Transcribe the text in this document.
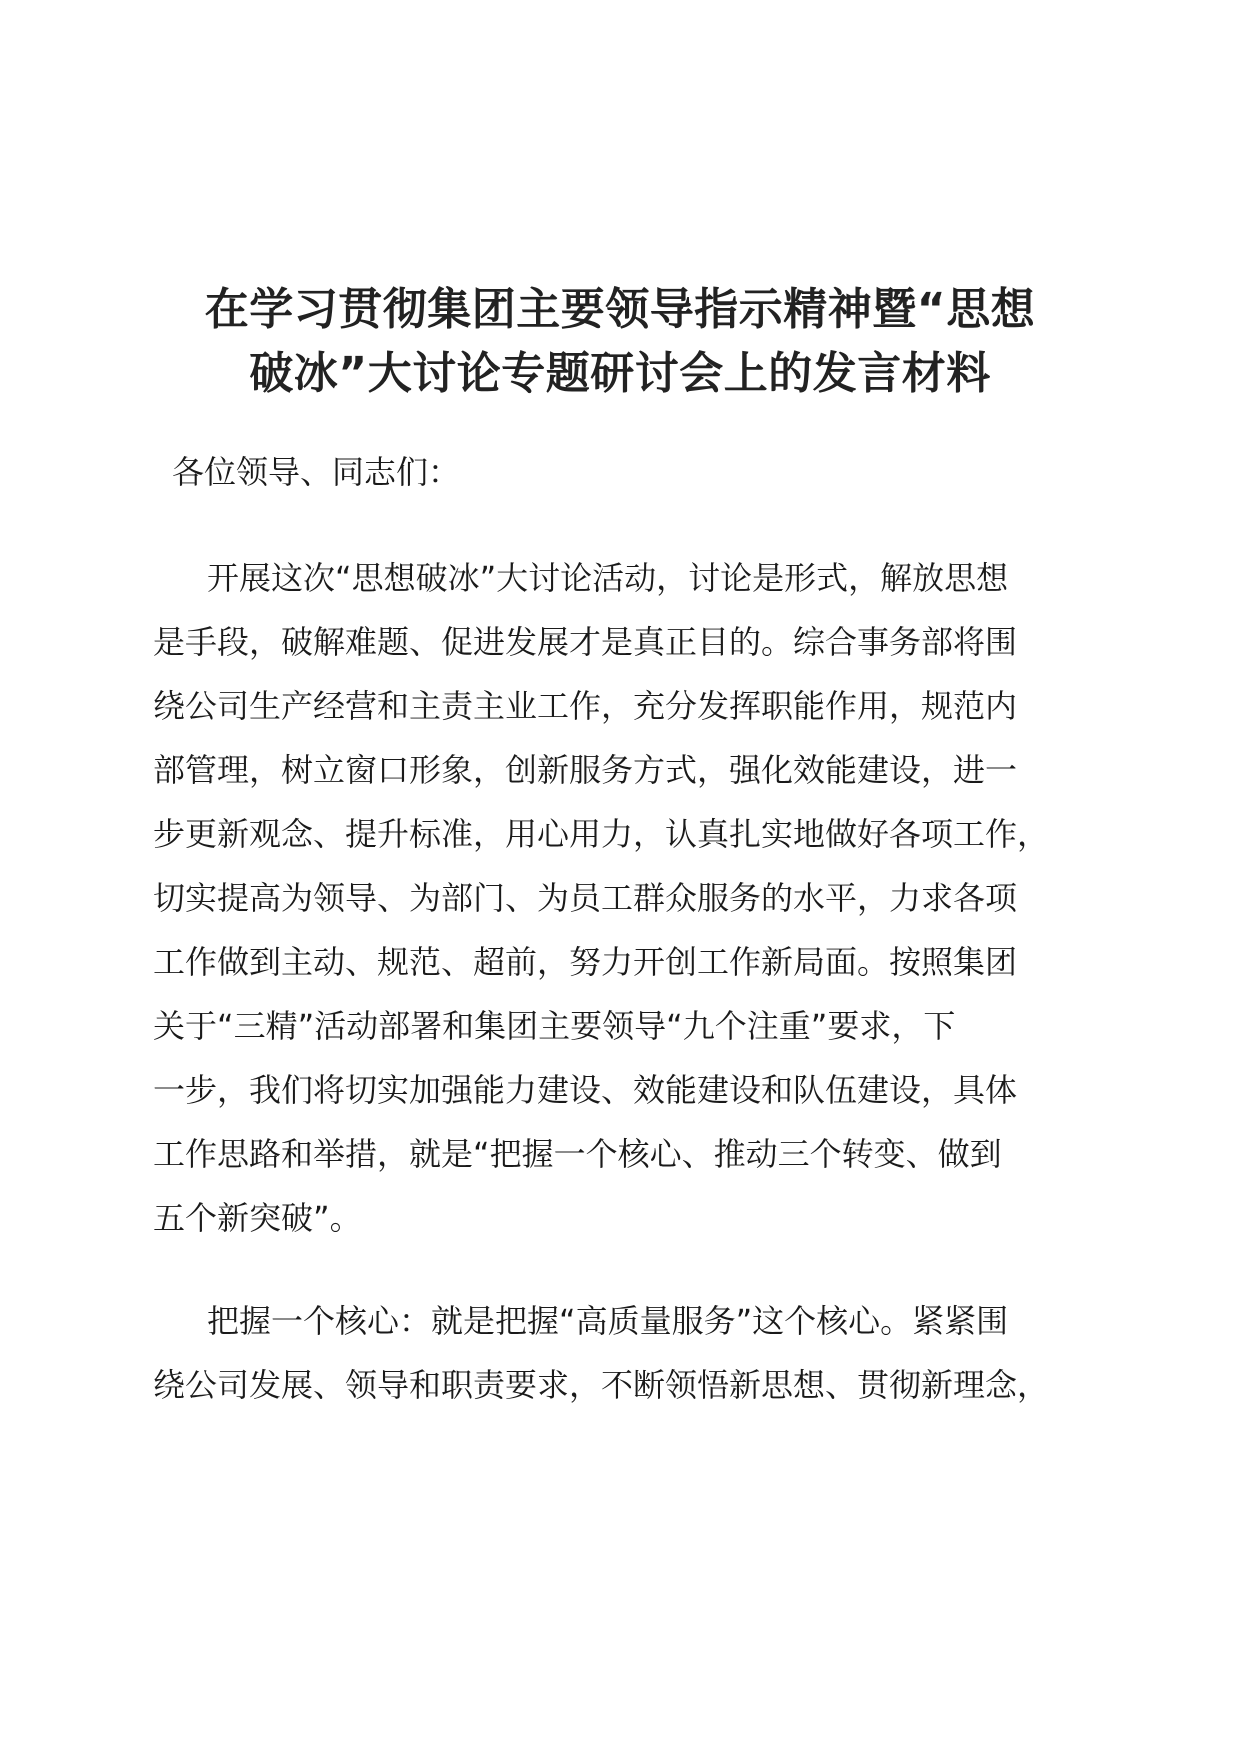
在学习贯彻集团主要领导指示精神暨“思想
破冰”大讨论专题研讨会上的发言材料

各位领导、同志们：

开展这次“思想破冰”大讨论活动，讨论是形式，解放思想
是手段，破解难题、促进发展才是真正目的。综合事务部将围
绕公司生产经营和主责主业工作，充分发挥职能作用，规范内
部管理，树立窗口形象，创新服务方式，强化效能建设，进一
步更新观念、提升标准，用心用力，认真扎实地做好各项工作，
切实提高为领导、为部门、为员工群众服务的水平，力求各项
工作做到主动、规范、超前，努力开创工作新局面。按照集团
关于“三精”活动部署和集团主要领导“九个注重”要求，下
一步，我们将切实加强能力建设、效能建设和队伍建设，具体
工作思路和举措，就是“把握一个核心、推动三个转变、做到
五个新突破”。
把握一个核心：就是把握“高质量服务”这个核心。紧紧围
绕公司发展、领导和职责要求，不断领悟新思想、贯彻新理念，
